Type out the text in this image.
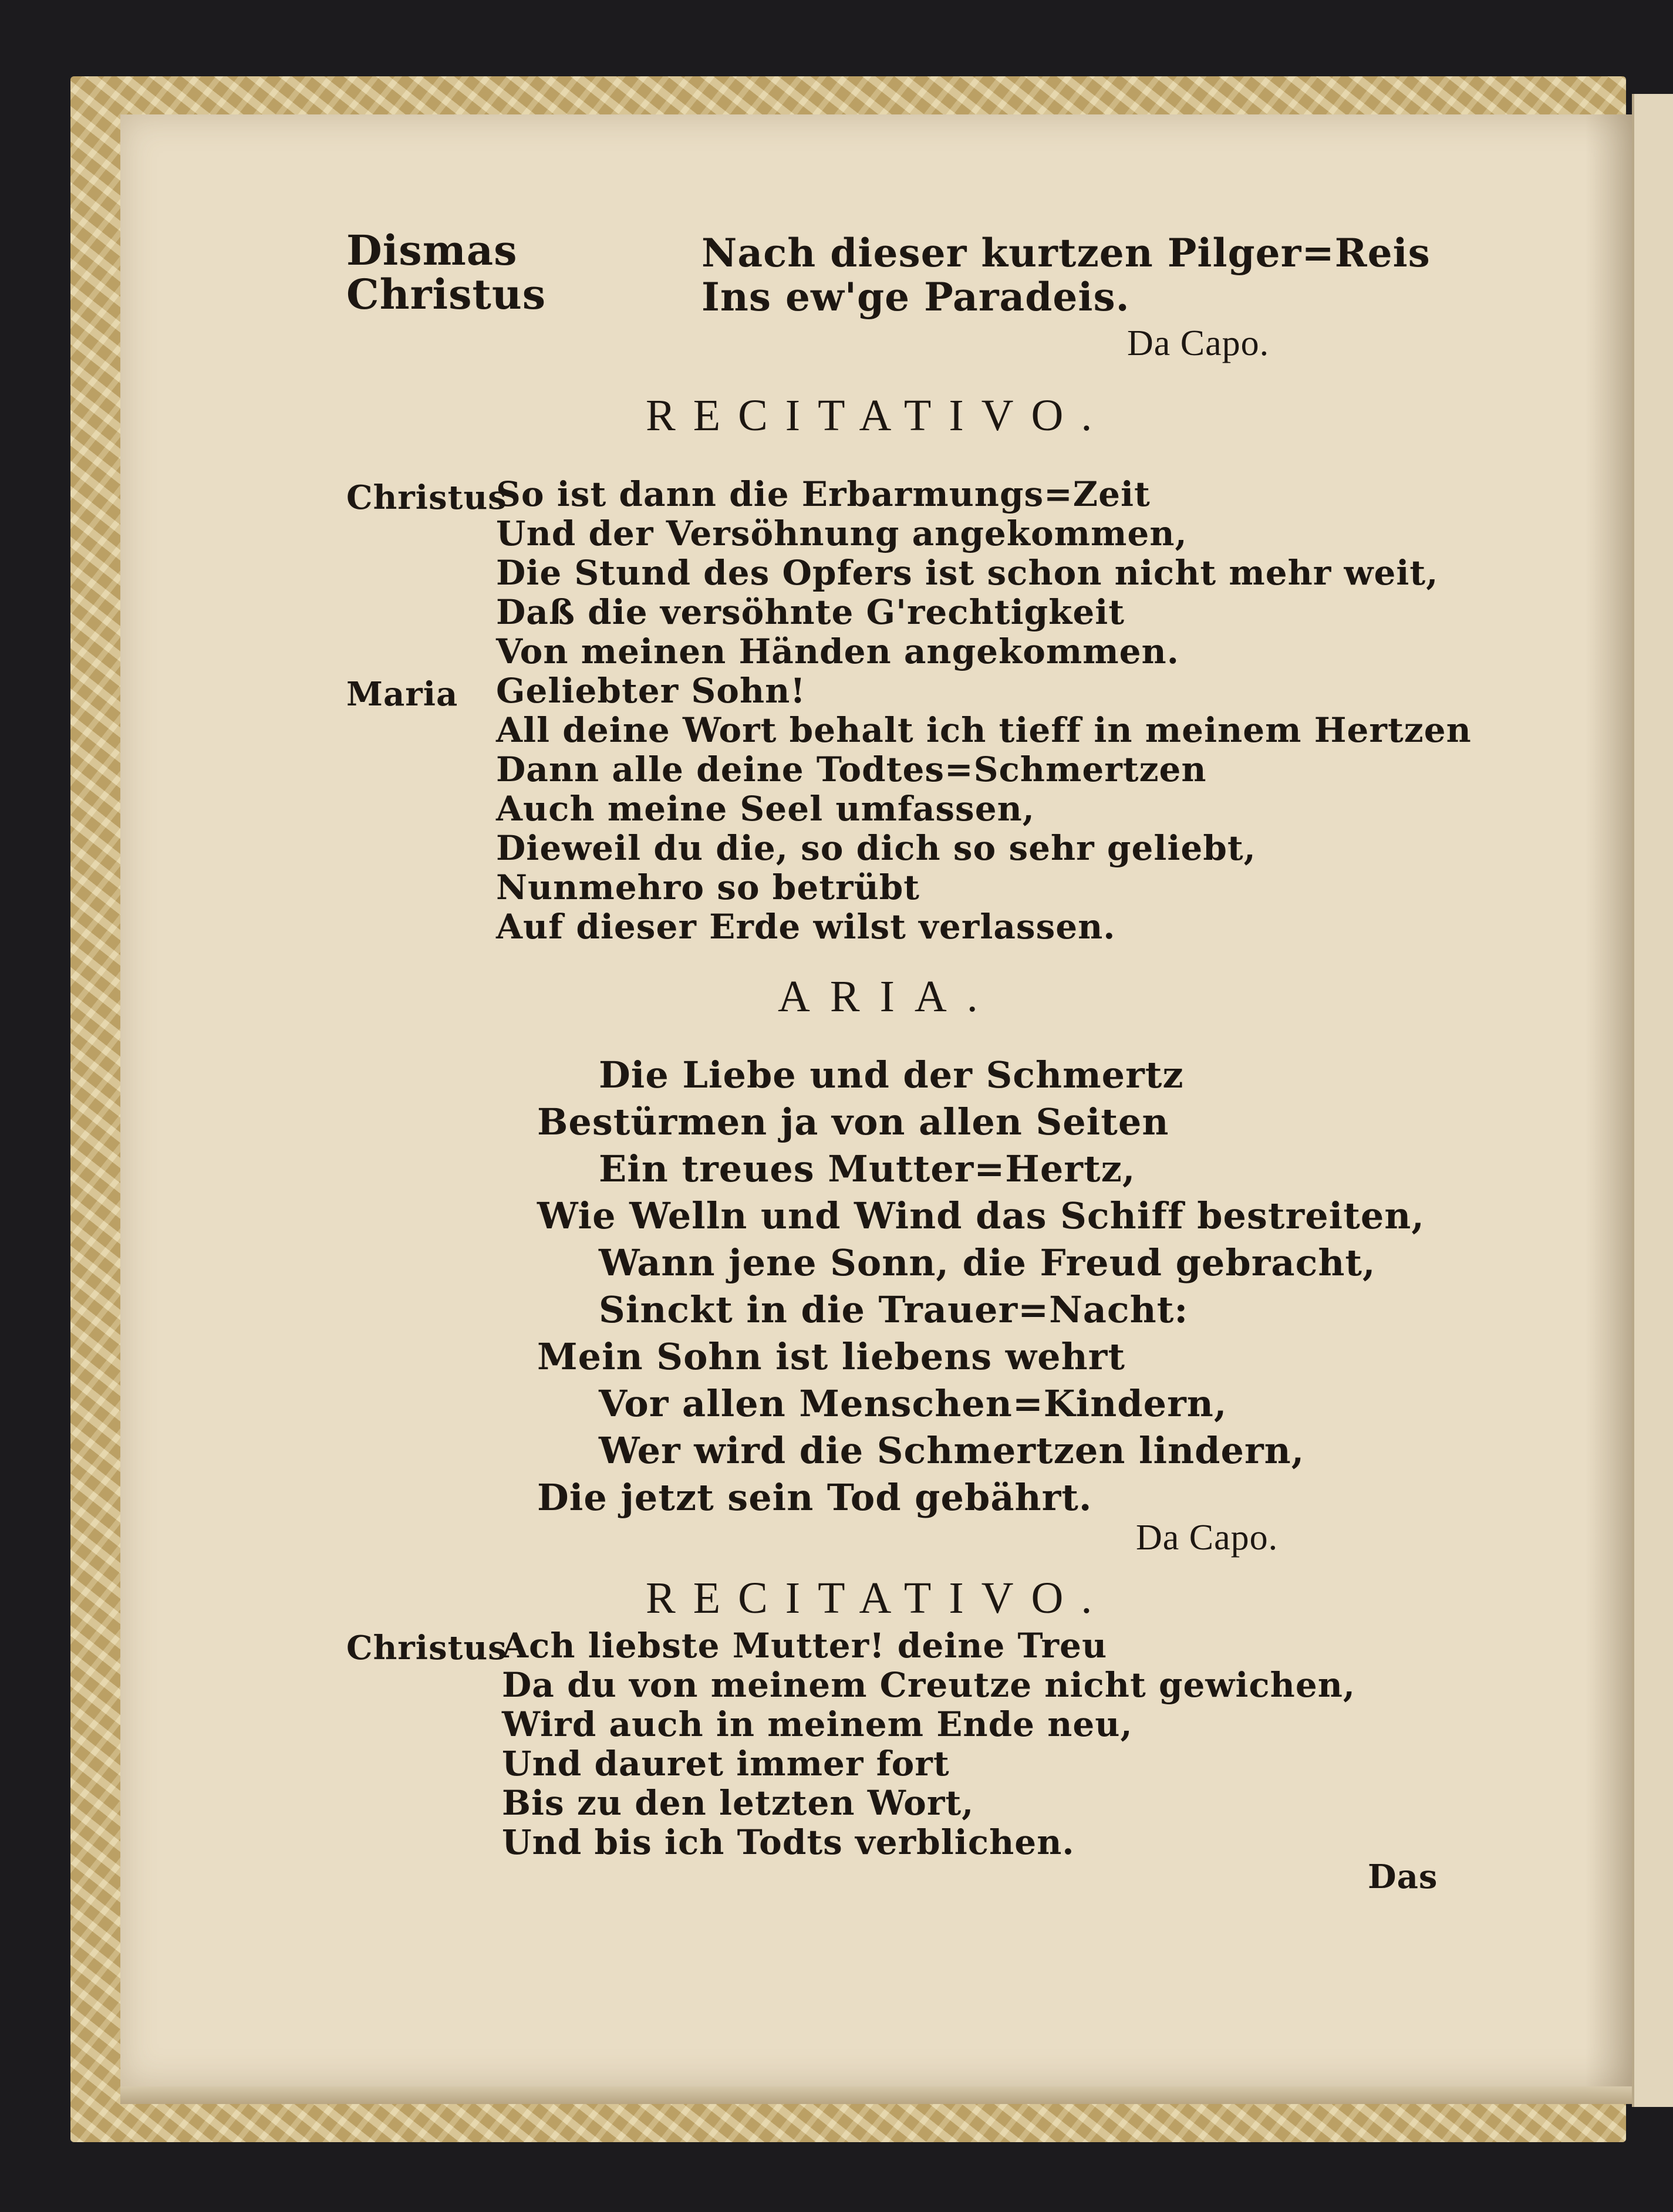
Dismas
Christus
Nach dieser kurtzen Pilger=Reis
Ins ew'ge Paradeis.
Da Capo.
RECITATIVO.
Christus
So ist dann die Erbarmungs=Zeit
Und der Versöhnung angekommen,
Die Stund des Opfers ist schon nicht mehr weit,
Daß die versöhnte G'rechtigkeit
Von meinen Händen angekommen.
Maria Geliebter Sohn!
All deine Wort behalt ich tieff in meinem Hertzen
Dann alle deine Todtes=Schmertzen
Auch meine Seel umfassen,
Dieweil du die, so dich so sehr geliebt,
Nunmehro so betrübt
Auf dieser Erde wilst verlassen.
ARIA.
Die Liebe und der Schmertz
Bestürmen ja von allen Seiten
Ein treues Mutter=Hertz,
Wie Welln und Wind das Schiff bestreiten,
Wann jene Sonn, die Freud gebracht,
Sinckt in die Trauer=Nacht:
Mein Sohn ist liebens wehrt
Vor allen Menschen=Kindern,
Wer wird die Schmertzen lindern,
Die jetzt sein Tod gebährt.
Da Capo.
RECITATIVO.
Christus
Ach liebste Mutter! deine Treu
Da du von meinem Creutze nicht gewichen,
Wird auch in meinem Ende neu,
Und dauret immer fort
Bis zu den letzten Wort,
Und bis ich Todts verblichen.
Das
